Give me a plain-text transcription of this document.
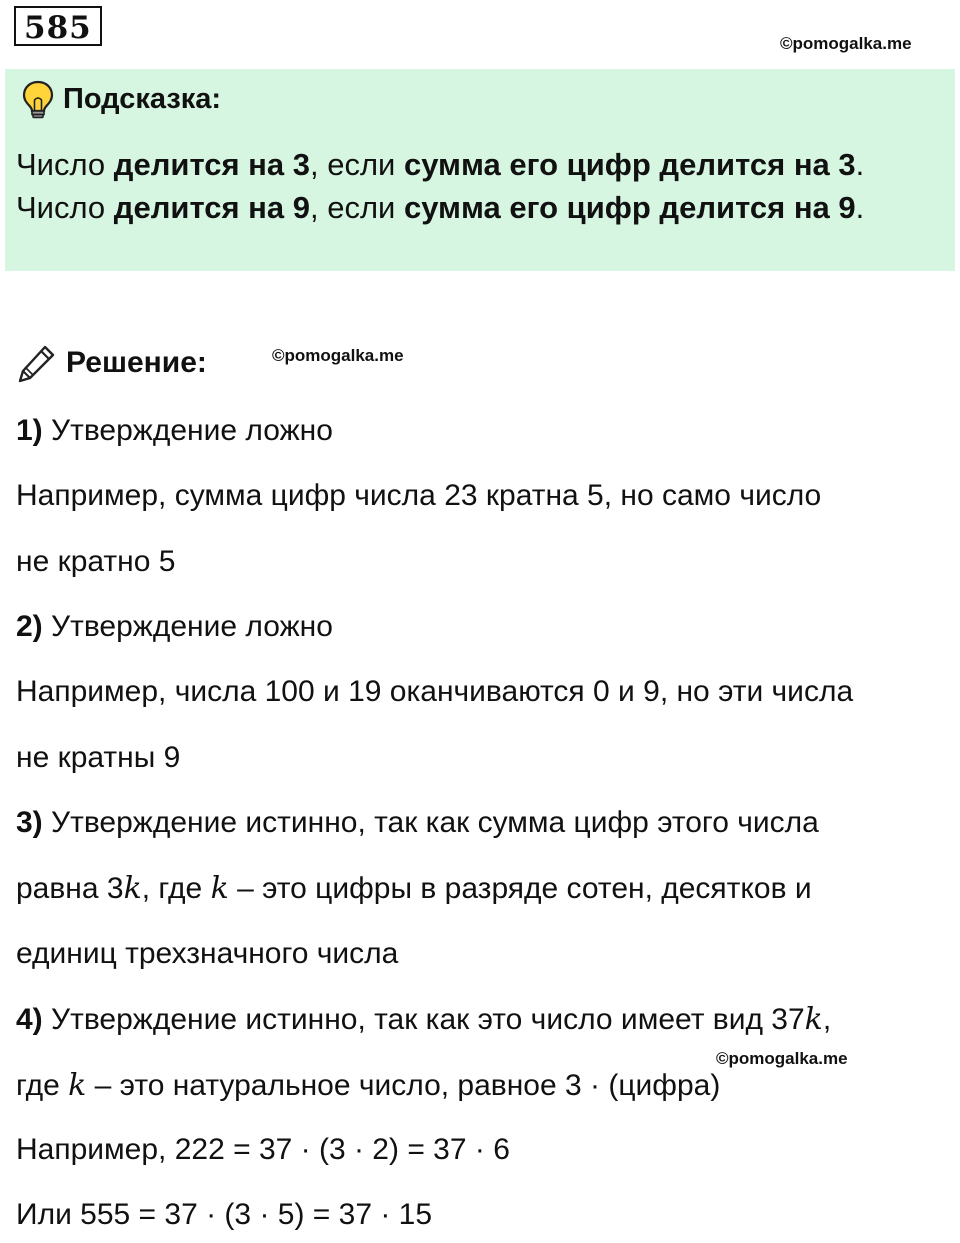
585	©pomogalka.me
Подсказка:
Число делится на 3, если сумма его цифр делится на 3.
Число делится на 9, если сумма его цифр делится на 9.
Решение:	©pomogalka.me
1) Утверждение ложно
Например, сумма цифр числа 23 кратна 5, но само число
не кратно 5
2) Утверждение ложно
Например, числа 100 и 19 оканчиваются 0 и 9, но эти числа
не кратны 9
3) Утверждение истинно, так как сумма цифр этого числа
равна 3k, где k – это цифры в разряде сотен, десятков и
единиц трехзначного числа
4) Утверждение истинно, так как это число имеет вид 37k,
©pomogalka.me
где k – это натуральное число, равное 3 · (цифра)
Например, 222 = 37 · (3 · 2) = 37 · 6
Или 555 = 37 · (3 · 5) = 37 · 15
